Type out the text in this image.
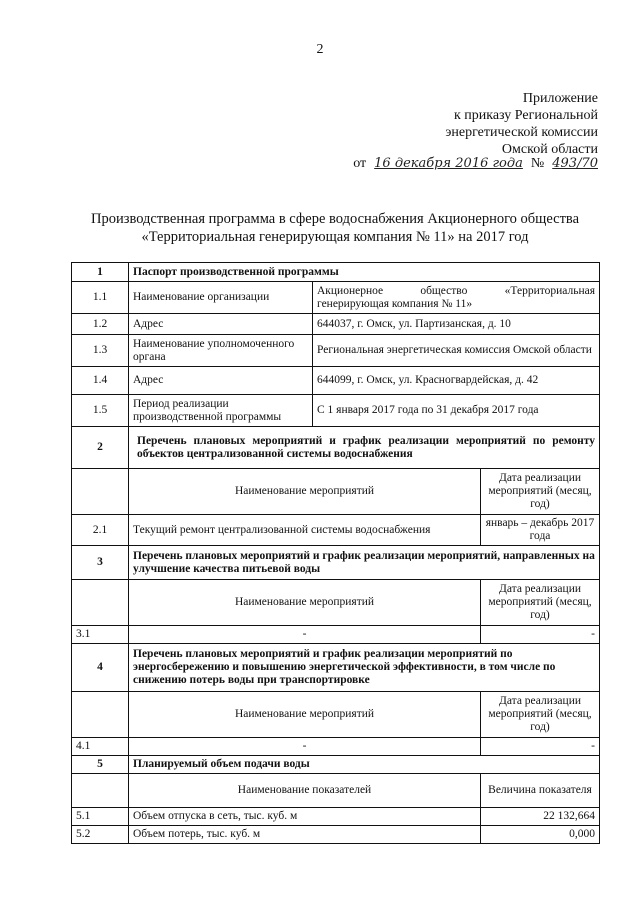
2
Приложение
к приказу Региональной
энергетической комиссии
Омской области
от 16 декабря 2016 года № 493/70
Производственная программа в сфере водоснабжения Акционерного общества
«Территориальная генерирующая компания № 11» на 2017 год
1	Паспорт производственной программы		
1.1	Наименование организации	Акционерное общество «Территориальная генерирующая компания № 11»	
1.2	Адрес	644037, г. Омск, ул. Партизанская, д. 10	
1.3	Наименование уполномоченного органа	Региональная энергетическая комиссия Омской области	
1.4	Адрес	644099, г. Омск, ул. Красногвардейская, д. 42	
1.5	Период реализации производственной программы	С 1 января 2017 года по 31 декабря 2017 года	
2	Перечень плановых мероприятий и график реализации мероприятий по ремонту объектов централизованной системы водоснабжения		
	Наименование мероприятий		Дата реализации мероприятий (месяц, год)
2.1	Текущий ремонт централизованной системы водоснабжения		январь – декабрь 2017 года
3	Перечень плановых мероприятий и график реализации мероприятий, направленных на улучшение качества питьевой воды		
	Наименование мероприятий		Дата реализации мероприятий (месяц, год)
3.1	-		-
4	Перечень плановых мероприятий и график реализации мероприятий по энергосбережению и повышению энергетической эффективности, в том числе по снижению потерь воды при транспортировке		
	Наименование мероприятий		Дата реализации мероприятий (месяц, год)
4.1	-		-
5	Планируемый объем подачи воды		
	Наименование показателей		Величина показателя
5.1	Объем отпуска в сеть, тыс. куб. м		22 132,664
5.2	Объем потерь, тыс. куб. м		0,000
